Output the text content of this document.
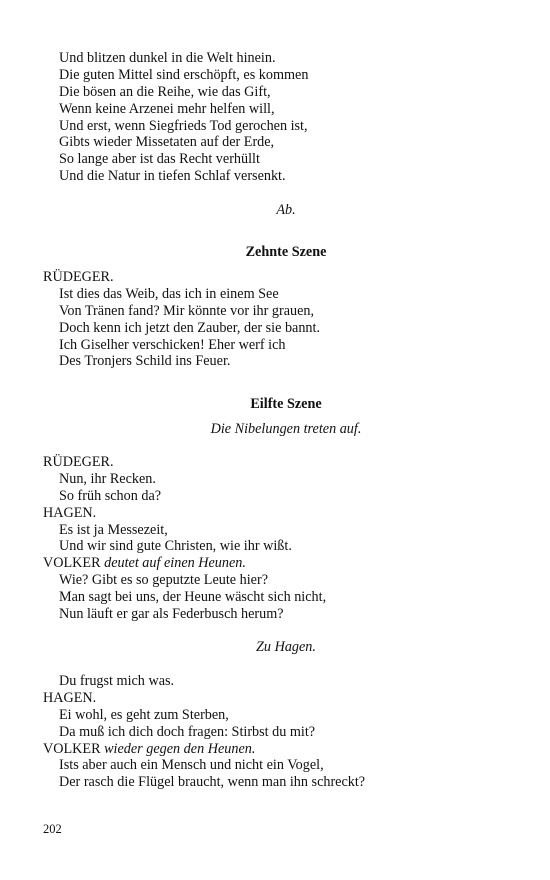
Und blitzen dunkel in die Welt hinein.
Die guten Mittel sind erschöpft, es kommen
Die bösen an die Reihe, wie das Gift,
Wenn keine Arzenei mehr helfen will,
Und erst, wenn Siegfrieds Tod gerochen ist,
Gibts wieder Missetaten auf der Erde,
So lange aber ist das Recht verhüllt
Und die Natur in tiefen Schlaf versenkt.
Ab.
Zehnte Szene
RÜDEGER.
Ist dies das Weib, das ich in einem See
Von Tränen fand? Mir könnte vor ihr grauen,
Doch kenn ich jetzt den Zauber, der sie bannt.
Ich Giselher verschicken! Eher werf ich
Des Tronjers Schild ins Feuer.
Eilfte Szene
Die Nibelungen treten auf.
RÜDEGER.
Nun, ihr Recken.
So früh schon da?
HAGEN.
Es ist ja Messezeit,
Und wir sind gute Christen, wie ihr wißt.
VOLKER deutet auf einen Heunen.
Wie? Gibt es so geputzte Leute hier?
Man sagt bei uns, der Heune wäscht sich nicht,
Nun läuft er gar als Federbusch herum?
Zu Hagen.
Du frugst mich was.
HAGEN.
Ei wohl, es geht zum Sterben,
Da muß ich dich doch fragen: Stirbst du mit?
VOLKER wieder gegen den Heunen.
Ists aber auch ein Mensch und nicht ein Vogel,
Der rasch die Flügel braucht, wenn man ihn schreckt?
202
